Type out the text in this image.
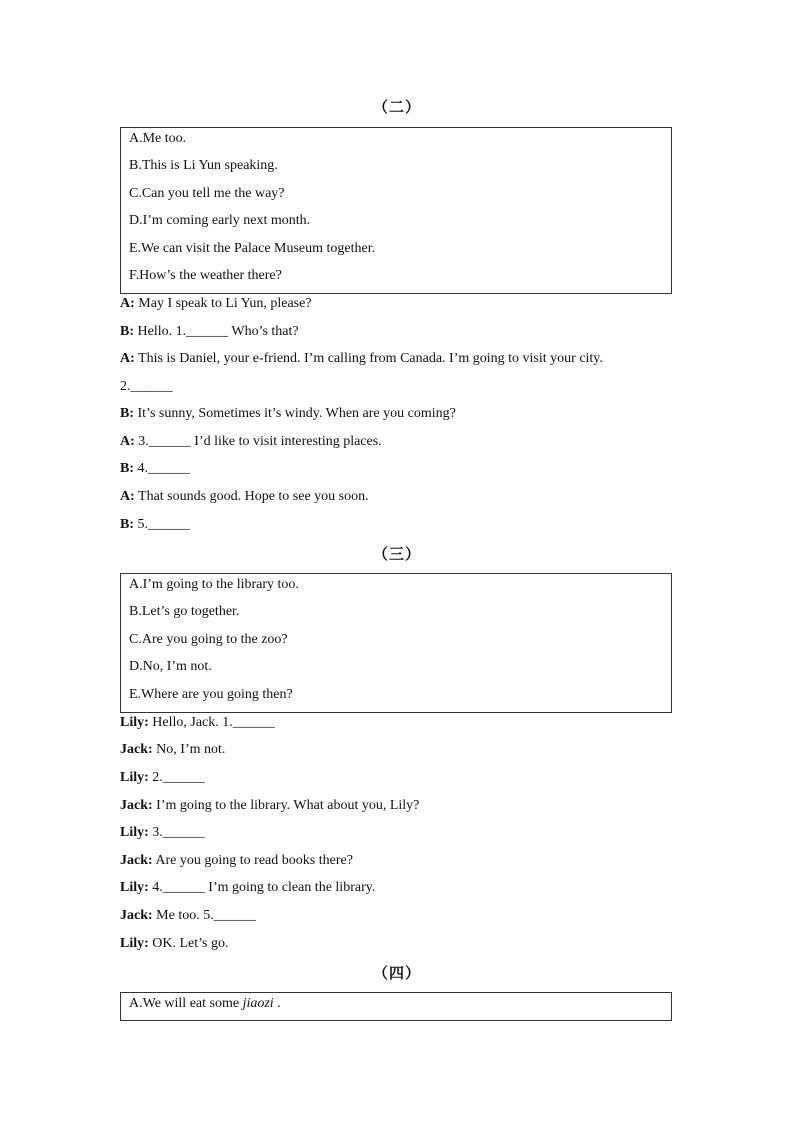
（二）
A.Me too.
B.This is Li Yun speaking.
C.Can you tell me the way?
D.I’m coming early next month.
E.We can visit the Palace Museum together.
F.How’s the weather there?
A: May I speak to Li Yun, please?
B: Hello. 1.______ Who’s that?
A: This is Daniel, your e-friend. I’m calling from Canada. I’m going to visit your city.
2.______
B: It’s sunny, Sometimes it’s windy. When are you coming?
A: 3.______ I’d like to visit interesting places.
B: 4.______
A: That sounds good. Hope to see you soon.
B: 5.______
（三）
A.I’m going to the library too.
B.Let’s go together.
C.Are you going to the zoo?
D.No, I’m not.
E.Where are you going then?
Lily: Hello, Jack. 1.______
Jack: No, I’m not.
Lily: 2.______
Jack: I’m going to the library. What about you, Lily?
Lily: 3.______
Jack: Are you going to read books there?
Lily: 4.______ I’m going to clean the library.
Jack: Me too. 5.______
Lily: OK. Let’s go.
（四）
A.We will eat some jiaozi .
